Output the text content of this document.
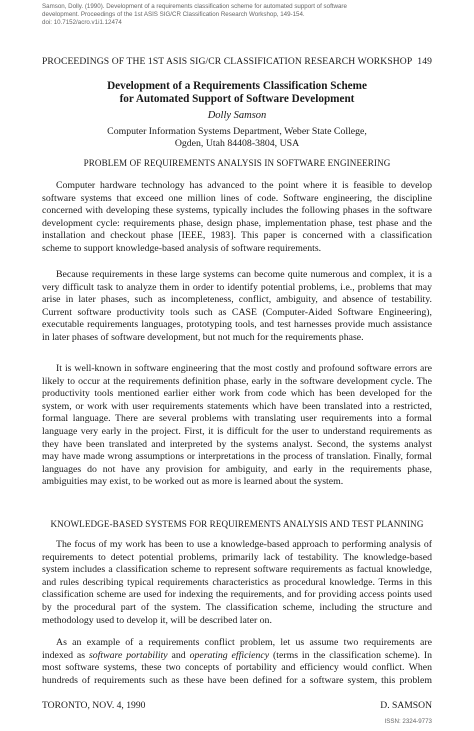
Samson, Dolly. (1990). Development of a requirements classification scheme for automated support of software
development. Proceedings of the 1st ASIS SIG/CR Classification Research Workshop, 149-154.
doi: 10.7152/acro.v1i1.12474
PROCEEDINGS OF THE 1ST ASIS SIG/CR CLASSIFICATION RESEARCH WORKSHOP 149
Development of a Requirements Classification Scheme
for Automated Support of Software Development
Dolly Samson
Computer Information Systems Department, Weber State College,
Ogden, Utah 84408-3804, USA
PROBLEM OF REQUIREMENTS ANALYSIS IN SOFTWARE ENGINEERING
Computer hardware technology has advanced to the point where it is feasible to develop
software systems that exceed one million lines of code. Software engineering, the discipline
concerned with developing these systems, typically includes the following phases in the software
development cycle: requirements phase, design phase, implementation phase, test phase and the
installation and checkout phase [IEEE, 1983]. This paper is concerned with a classification
scheme to support knowledge-based analysis of software requirements.
Because requirements in these large systems can become quite numerous and complex, it is a
very difficult task to analyze them in order to identify potential problems, i.e., problems that may
arise in later phases, such as incompleteness, conflict, ambiguity, and absence of testability.
Current software productivity tools such as CASE (Computer-Aided Software Engineering),
executable requirements languages, prototyping tools, and test harnesses provide much assistance
in later phases of software development, but not much for the requirements phase.
It is well-known in software engineering that the most costly and profound software errors are
likely to occur at the requirements definition phase, early in the software development cycle. The
productivity tools mentioned earlier either work from code which has been developed for the
system, or work with user requirements statements which have been translated into a restricted,
formal language. There are several problems with translating user requirements into a formal
language very early in the project. First, it is difficult for the user to understand requirements as
they have been translated and interpreted by the systems analyst. Second, the systems analyst
may have made wrong assumptions or interpretations in the process of translation. Finally, formal
languages do not have any provision for ambiguity, and early in the requirements phase,
ambiguities may exist, to be worked out as more is learned about the system.
KNOWLEDGE-BASED SYSTEMS FOR REQUIREMENTS ANALYSIS AND TEST PLANNING
The focus of my work has been to use a knowledge-based approach to performing analysis of
requirements to detect potential problems, primarily lack of testability. The knowledge-based
system includes a classification scheme to represent software requirements as factual knowledge,
and rules describing typical requirements characteristics as procedural knowledge. Terms in this
classification scheme are used for indexing the requirements, and for providing access points used
by the procedural part of the system. The classification scheme, including the structure and
methodology used to develop it, will be described later on.
As an example of a requirements conflict problem, let us assume two requirements are
indexed as software portability and operating efficiency (terms in the classification scheme). In
most software systems, these two concepts of portability and efficiency would conflict. When
hundreds of requirements such as these have been defined for a software system, this problem
TORONTO, NOV. 4, 1990	D. SAMSON
ISSN: 2324-9773
